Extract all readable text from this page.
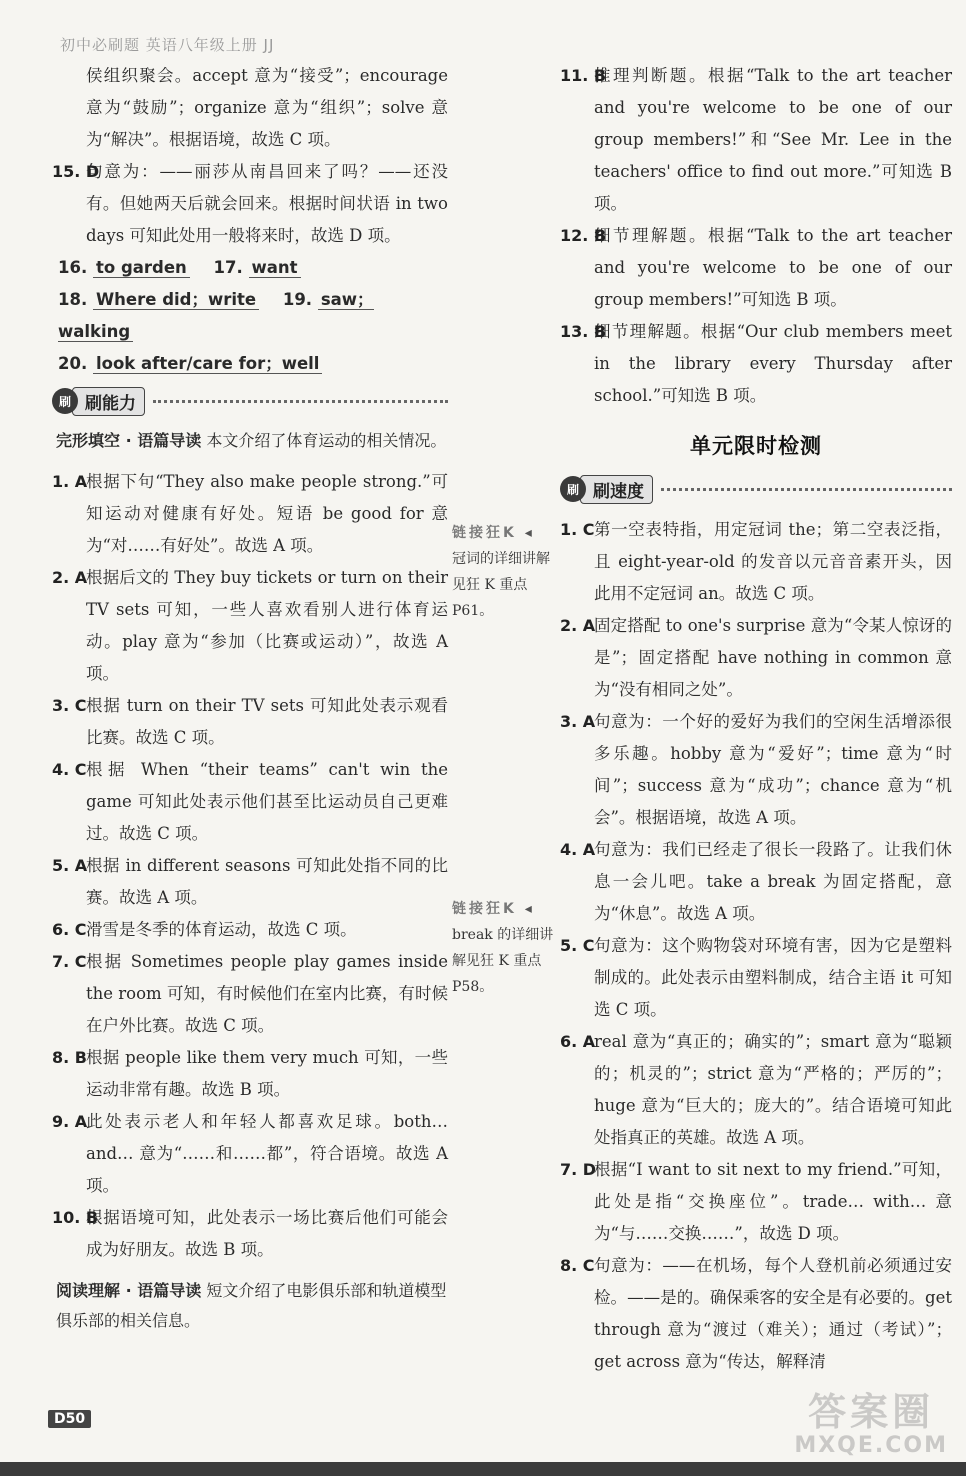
初中必刷题 英语八年级上册 JJ

侯组织聚会。accept 意为“接受”；encourage 意为“鼓励”；organize 意为“组织”；solve 意为“解决”。根据语境，故选 C 项。

15. D
句意为：——丽莎从南昌回来了吗？——还没有。但她两天后就会回来。根据时间状语 in two days 可知此处用一般将来时，故选 D 项。

16. to garden 17. want

18. Where did；write 19. saw；walking

20. look after/care for；well

刷 刷能力

完形填空 · 语篇导读 本文介绍了体育运动的相关情况。

1. A
根据下句“They also make people strong.”可知运动对健康有好处。短语 be good for 意为“对……有好处”。故选 A 项。

2. A
根据后文的 They buy tickets or turn on their TV sets 可知，一些人喜欢看别人进行体育运动。play 意为“参加（比赛或运动）”，故选 A 项。

3. C 根据 turn on their TV sets 可知此处表示观看比赛。故选 C 项。

4. C 根据 When “their teams” can't win the game 可知此处表示他们甚至比运动员自己更难过。故选 C 项。

5. A
根据 in different seasons 可知此处指不同的比赛。故选 A 项。

6. C 滑雪是冬季的体育运动，故选 C 项。

7. C 根据 Sometimes people play games inside the room 可知，有时候他们在室内比赛，有时候在户外比赛。故选 C 项。

8. B 根据 people like them very much 可知，一些运动非常有趣。故选 B 项。

9. A
此处表示老人和年轻人都喜欢足球。both… and… 意为“……和……都”，符合语境。故选 A 项。

10. B
根据语境可知，此处表示一场比赛后他们可能会成为好朋友。故选 B 项。

阅读理解 · 语篇导读 短文介绍了电影俱乐部和轨道模型俱乐部的相关信息。

链接狂K ◂
冠词的详细讲解见狂 K 重点 P61。
链接狂K ◂
break 的详细讲解见狂 K 重点 P58。

11. B
推理判断题。根据“Talk to the art teacher and you're welcome to be one of our group members!”和“See Mr. Lee in the teachers' office to find out more.”可知选 B 项。

12. B
细节理解题。根据“Talk to the art teacher and you're welcome to be one of our group members!”可知选 B 项。

13. B
细节理解题。根据“Our club members meet in the library every Thursday after school.”可知选 B 项。

单元限时检测
刷 刷速度

1. C 第一空表特指，用定冠词 the；第二空表泛指，且 eight-year-old 的发音以元音音素开头，因此用不定冠词 an。故选 C 项。

2. A
固定搭配 to one's surprise 意为“令某人惊讶的是”；固定搭配 have nothing in common 意为“没有相同之处”。

3. A
句意为：一个好的爱好为我们的空闲生活增添很多乐趣。hobby 意为“爱好”；time 意为“时间”；success 意为“成功”；chance 意为“机会”。根据语境，故选 A 项。

4. A
句意为：我们已经走了很长一段路了。让我们休息一会儿吧。take a break 为固定搭配，意为“休息”。故选 A 项。

5. C 句意为：这个购物袋对环境有害，因为它是塑料制成的。此处表示由塑料制成，结合主语 it 可知选 C 项。

6. A
real 意为“真正的；确实的”；smart 意为“聪颖的；机灵的”；strict 意为“严格的；严厉的”；huge 意为“巨大的；庞大的”。结合语境可知此处指真正的英雄。故选 A 项。

7. D
根据“I want to sit next to my friend.”可知，此处是指“交换座位”。trade… with… 意为“与……交换……”，故选 D 项。

8. C 句意为：——在机场，每个人登机前必须通过安检。——是的。确保乘客的安全是有必要的。get through 意为“渡过（难关）；通过（考试）”；get across 意为“传达，解释清

D50	答案圈
MXQE.COM
